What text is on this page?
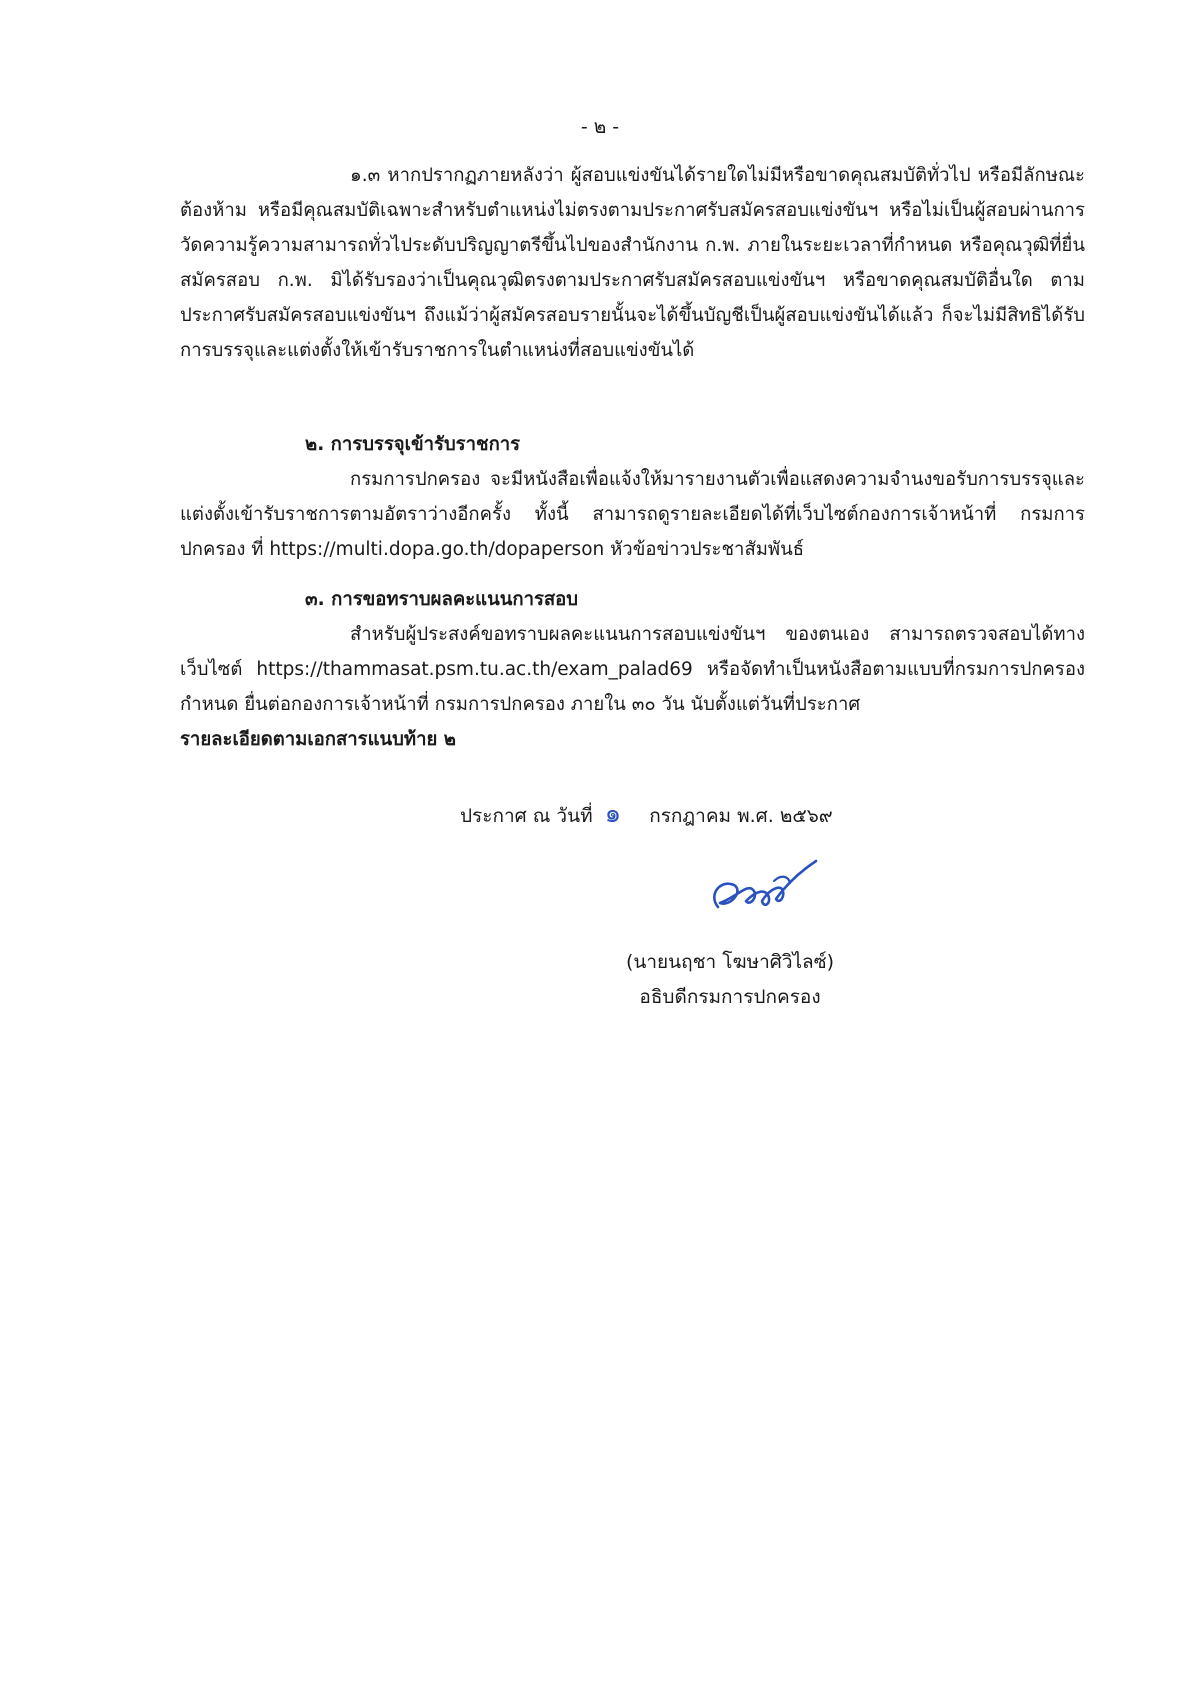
- ๒ -
๑.๓ หากปรากฏภายหลังว่า ผู้สอบแข่งขันได้รายใดไม่มีหรือขาดคุณสมบัติทั่วไป หรือมีลักษณะต้องห้าม หรือมีคุณสมบัติเฉพาะสำหรับตำแหน่งไม่ตรงตามประกาศรับสมัครสอบแข่งขันฯ หรือไม่เป็นผู้สอบผ่านการวัดความรู้ความสามารถทั่วไประดับปริญญาตรีขึ้นไปของสำนักงาน ก.พ. ภายในระยะเวลาที่กำหนด หรือคุณวุฒิที่ยื่นสมัครสอบ ก.พ. มิได้รับรองว่าเป็นคุณวุฒิตรงตามประกาศรับสมัครสอบแข่งขันฯ หรือขาดคุณสมบัติอื่นใด ตามประกาศรับสมัครสอบแข่งขันฯ ถึงแม้ว่าผู้สมัครสอบรายนั้นจะได้ขึ้นบัญชีเป็นผู้สอบแข่งขันได้แล้ว ก็จะไม่มีสิทธิได้รับการบรรจุและแต่งตั้งให้เข้ารับราชการในตำแหน่งที่สอบแข่งขันได้
๒. การบรรจุเข้ารับราชการ
กรมการปกครอง จะมีหนังสือเพื่อแจ้งให้มารายงานตัวเพื่อแสดงความจำนงขอรับการบรรจุและแต่งตั้งเข้ารับราชการตามอัตราว่างอีกครั้ง ทั้งนี้ สามารถดูรายละเอียดได้ที่เว็บไซต์กองการเจ้าหน้าที่ กรมการปกครอง ที่ https://multi.dopa.go.th/dopaperson หัวข้อข่าวประชาสัมพันธ์
๓. การขอทราบผลคะแนนการสอบ
สำหรับผู้ประสงค์ขอทราบผลคะแนนการสอบแข่งขันฯ ของตนเอง สามารถตรวจสอบได้ทางเว็บไซต์ https://thammasat.psm.tu.ac.th/exam_palad69 หรือจัดทำเป็นหนังสือตามแบบที่กรมการปกครองกำหนด ยื่นต่อกองการเจ้าหน้าที่ กรมการปกครอง ภายใน ๓๐ วัน นับตั้งแต่วันที่ประกาศ
รายละเอียดตามเอกสารแนบท้าย ๒
ประกาศ ณ วันที่ ๑ กรกฎาคม พ.ศ. ๒๕๖๙
(นายนฤชา โฆษาศิวิไลซ์)
อธิบดีกรมการปกครอง
